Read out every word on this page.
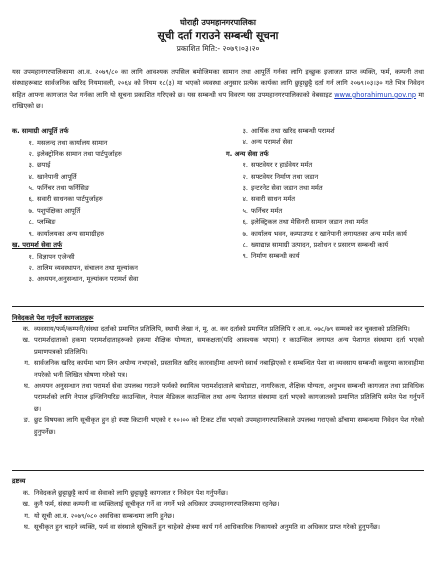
घोराही उपमहानगरपालिका
सूची दर्ता गराउने सम्बन्धी सूचना
प्रकाशित मिति:- २०७९।०३।२०
यस उपमहानगरपालिकामा आ.व. २०७९/८० का लागि आवश्यक तपसिल बमोजिमका सामान तथा आपूर्ति गर्नका लागि इच्छुक इजाजत प्राप्त व्यक्ति, फर्म, कम्पनी तथा संस्थाहरूबाट सार्वजनिक खरिद नियमावली, २०६४ को नियम १८(३) मा भएको व्यवस्था अनुसार प्रत्येक कार्यका लागि छुट्टाछुट्टै दर्ता गर्न लागि २०७९।०३।३० गते भित्र निवेदन सहित आफ्ना कागजात पेश गर्नका लागि यो सूचना प्रकाशित गरिएको छ। यस सम्बन्धी थप विवरण यस उपमहानगरपालिकाको वेबसाइट www.ghorahimun.gov.np मा राखिएको छ।
क. सामाग्री आपूर्ति तर्फ
१. मसलन्द तथा कार्यालय सामान
२. इलेक्ट्रोनिक सामान तथा पार्टपुर्जाहरु
३. छपाई
४. खानेपानी आपूर्ति
५. फर्निचर तथा फर्निसिङ
६. सवारी साधनका पार्टपुर्जाहरु
७. पशुपंक्षिका आपूर्ति
८. प्लम्बिङ
९. कार्यालयका अन्य सामाग्रीहरु
ख. परामर्श सेवा तर्फ
१. विज्ञापन एजेन्सी
२. तालिम व्यवस्थापन, संचालन तथा मूल्यांकन
३. अध्ययन,अनुसन्धान, मूल्यांकन परामर्श सेवा
३. आर्थिक तथा खरिद सम्बन्धी परामर्श
४. अन्य परामर्श सेवा
ग. अन्य सेवा तर्फ
१. सफ्टवेयर र हार्डवेयर मर्मत
२. सफ्टवेयर निर्माण तथा जडान
३. इन्टरनेट सेवा जडान तथा मर्मत
४. सवारी साधन मर्मत
५. फर्निचर मर्मत
६. इलेक्ट्रिकल तथा मेसिनरी सामान जडान तथा मर्मत
७. कार्यालय भवन, कम्पाउण्ड र खानेपानी लगायतका अन्य मर्मत कार्य
८. ख्याद्यान्न सामाग्री उत्पादन, प्रशोधन र प्रसारण सम्बन्धी कार्य
९. निर्माण सम्बन्धी कार्य
निवेदकले पेश गर्नुपर्ने कागजातहरू
क. व्यवसाय/फर्म/कम्पनी/संस्था दर्ताको प्रमाणित प्रतिलिपि, स्थायी लेखा नं, मू. अ. कर दर्ताको प्रमाणित प्रतिलिपि र आ.व. ०७८/७९ सम्मको कर चुक्ताको प्रतिलिपि।
ख. परामर्शदाताको हकमा परामर्शदाताहरूको हकमा शैक्षिक योग्यता, समकक्षता(यदि आवश्यक भएमा) र काउन्सिल लगायत अन्य पेशागत संस्थामा दर्ता भएको प्रमाणपत्रको प्रतिलिपि।
ग. सार्वजनिक खरिद कार्यमा भाग लिन अयोग्य नभएको, प्रस्तावित खरिद कारवाहीमा आफ्नो स्वार्थ नबाझिएको र सम्बन्धित पेशा वा व्यवसाय सम्बन्धी कसुरमा कारवाहीमा नपरेको भनी लिखित घोषणा गरेको पत्र।
घ. अध्ययन अनुसन्धान तथा परामर्श सेवा उपलब्ध गराउने फर्मको स्थायित्व परामर्शदाताले बायोडाटा, नागरिकता, शैक्षिक योग्यता, अनुभव सम्बन्धी कागजात तथा प्राविधिक परामर्शको लागि नेपाल इन्जिनियरिङ काउन्सिल, नेपाल मेडिकल काउन्सिल तथा अन्य पेशागत संस्थामा दर्ता भएको कागजातको प्रमाणित प्रतिलिपि समेत पेश गर्नुपर्ने छ।
ङ. छुट विषयका लागि सूचीकृत हुन हो स्पष्ट किटानी भएको र १०।०० को टिकट टाँस भएको उपमहानगरपालिकाले उपलब्ध गराएको ढाँचामा सम्बन्धमा निवेदन पेश गरेको हुनुपर्नेछ।
द्रष्टव्य
क. निवेदकले छुट्टाछुट्टै कार्य वा सेवाको लागि छुट्टाछुट्टै कागजात र निवेदन पेश गर्नुपर्नेछ।
ख. कुनै फर्म, संस्था कम्पनी वा व्यक्तिलाई सूचीकृत गर्ने वा नगर्ने भन्ने अधिकार उपमहानगरपालिकामा रहनेछ।
ग. यो सूची आ.व. २०७९/०८० अवधिका सम्बन्धमा लागि हुनेछ।
घ. सूचीकृत हुन चाहने व्यक्ति, फर्म वा संस्थाले सूचिकर्ते हुन चाहेको क्षेत्रमा कार्य गर्न आधिकारिक निकायको अनुमति वा अधिकार प्राप्त गरेको हुनुपर्नेछ।
